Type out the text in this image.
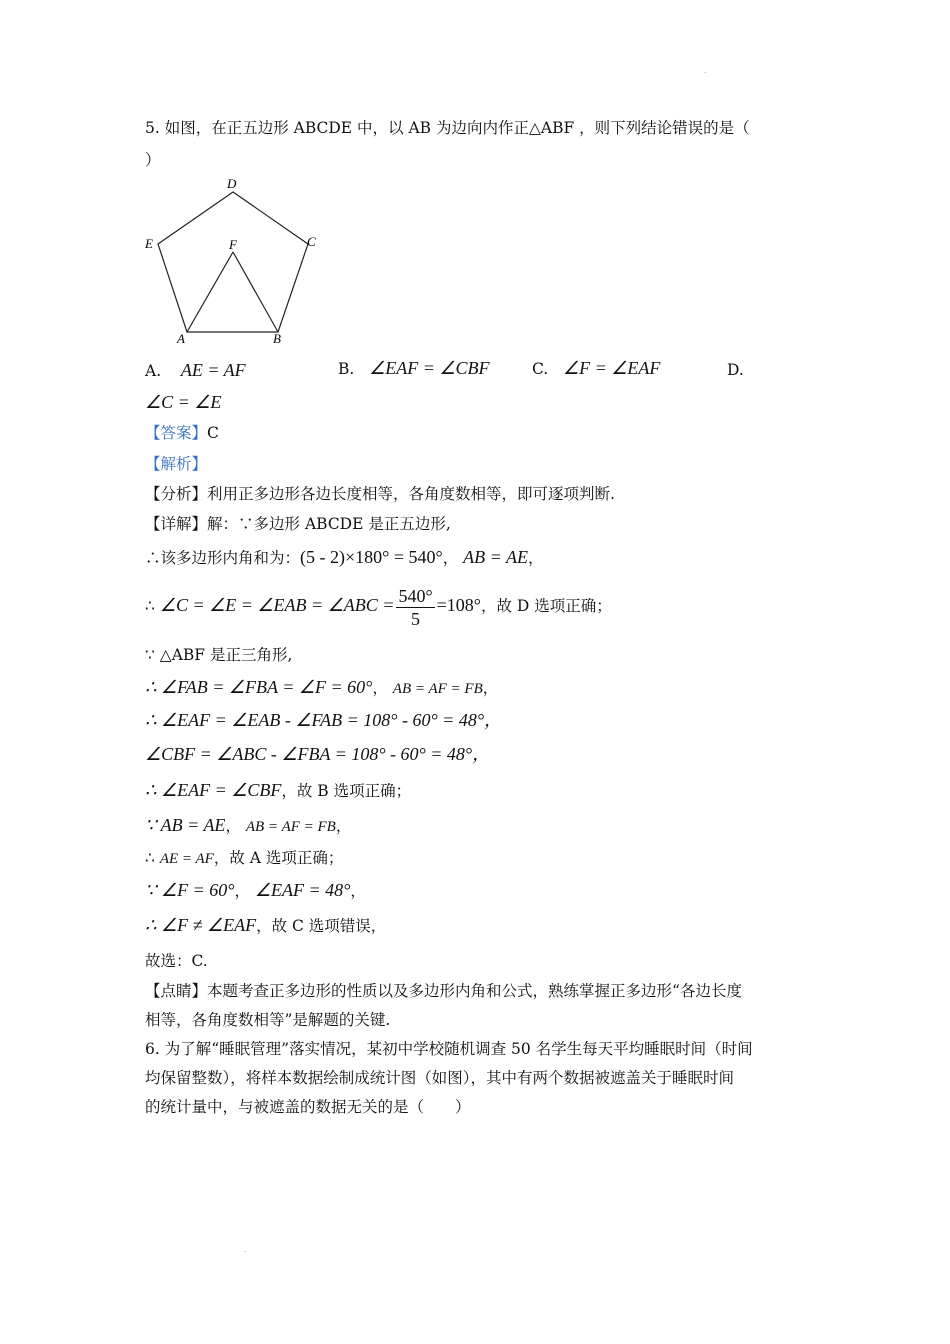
.
5. 如图，在正五边形 ABCDE 中，以 AB 为边向内作正△ABF ，则下列结论错误的是（
）
D
C
E	F
A	B
A. AE = AF	B. ∠EAF = ∠CBF	C. ∠F = ∠EAF	D.
∠C = ∠E
【答案】C
【解析】
【分析】利用正多边形各边长度相等，各角度数相等，即可逐项判断.
【详解】解：∵多边形 ABCDE 是正五边形,
∴该多边形内角和为：(5 - 2)×180° = 540°， AB = AE，
∴ ∠C = ∠E = ∠EAB = ∠ABC = $\frac{540^\circ}{5} =108^\circ$，故 D 选项正确；
∵ △ABF 是正三角形,
∴ ∠FAB = ∠FBA = ∠F = 60°， AB = AF = FB，
∴ ∠EAF = ∠EAB - ∠FAB = 108° - 60° = 48°，
∠CBF = ∠ABC - ∠FBA = 108° - 60° = 48°，
∴ ∠EAF = ∠CBF，故 B 选项正确；
∵ AB = AE， AB = AF = FB，
∴ AE = AF，故 A 选项正确；
∵ ∠F = 60°， ∠EAF = 48°，
∴ ∠F ≠ ∠EAF，故 C 选项错误，
故选：C.
【点睛】本题考查正多边形的性质以及多边形内角和公式，熟练掌握正多边形“各边长度
相等，各角度数相等”是解题的关键.
6. 为了解“睡眠管理”落实情况，某初中学校随机调查 50 名学生每天平均睡眠时间（时间
均保留整数），将样本数据绘制成统计图（如图），其中有两个数据被遮盖关于睡眠时间
的统计量中，与被遮盖的数据无关的是（　　）
.
